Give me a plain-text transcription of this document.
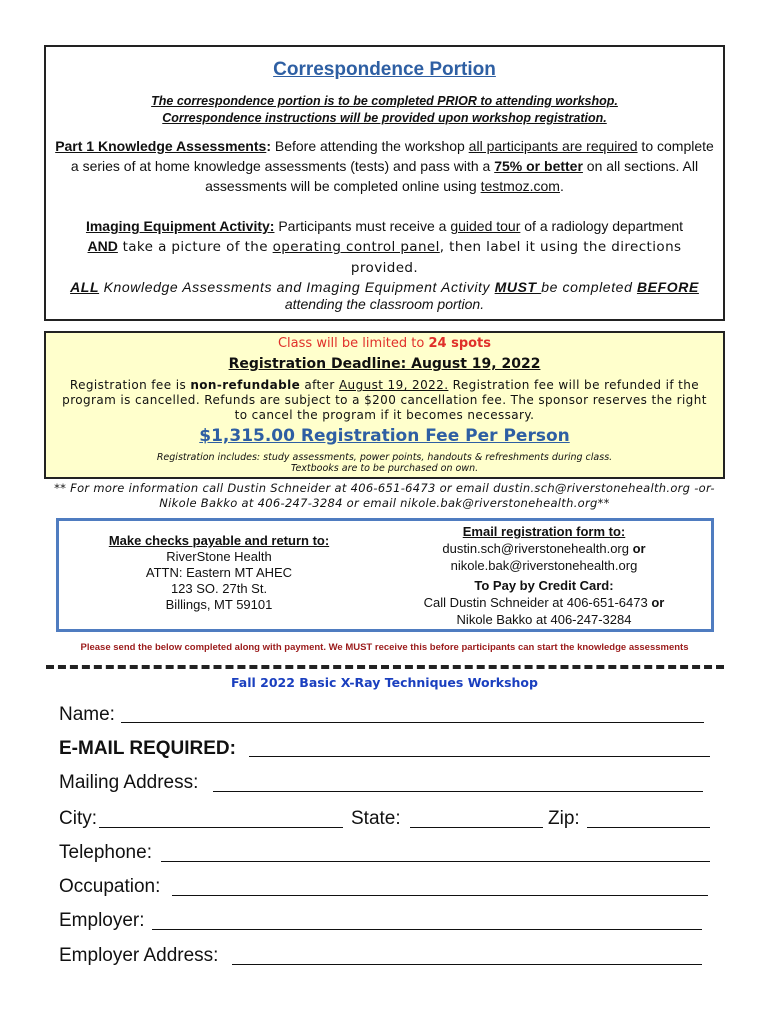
Correspondence Portion
The correspondence portion is to be completed PRIOR to attending workshop.
Correspondence instructions will be provided upon workshop registration.
Part 1 Knowledge Assessments: Before attending the workshop all participants are required to complete a series of at home knowledge assessments (tests) and pass with a 75% or better on all sections. All assessments will be completed online using testmoz.com.
Imaging Equipment Activity: Participants must receive a guided tour of a radiology department
AND take a picture of the operating control panel, then label it using the directions provided.
ALL Knowledge Assessments and Imaging Equipment Activity MUST be completed BEFORE
attending the classroom portion.
Class will be limited to 24 spots
Registration Deadline: August 19, 2022
Registration fee is non-refundable after August 19, 2022. Registration fee will be refunded if the program is cancelled. Refunds are subject to a $200 cancellation fee. The sponsor reserves the right to cancel the program if it becomes necessary.
$1,315.00 Registration Fee Per Person
Registration includes: study assessments, power points, handouts & refreshments during class.
Textbooks are to be purchased on own.
** For more information call Dustin Schneider at 406-651-6473 or email dustin.sch@riverstonehealth.org -or-
Nikole Bakko at 406-247-3284 or email nikole.bak@riverstonehealth.org**
Make checks payable and return to:
RiverStone Health
ATTN: Eastern MT AHEC
123 SO. 27th St.
Billings, MT 59101
Email registration form to:
dustin.sch@riverstonehealth.org or
nikole.bak@riverstonehealth.org
To Pay by Credit Card:
Call Dustin Schneider at 406-651-6473 or
Nikole Bakko at 406-247-3284
Please send the below completed along with payment. We MUST receive this before participants can start the knowledge assessments
Fall 2022 Basic X-Ray Techniques Workshop
Name:
E-MAIL REQUIRED:
Mailing Address:
City:	State:	Zip:
Telephone:
Occupation:
Employer:
Employer Address:
